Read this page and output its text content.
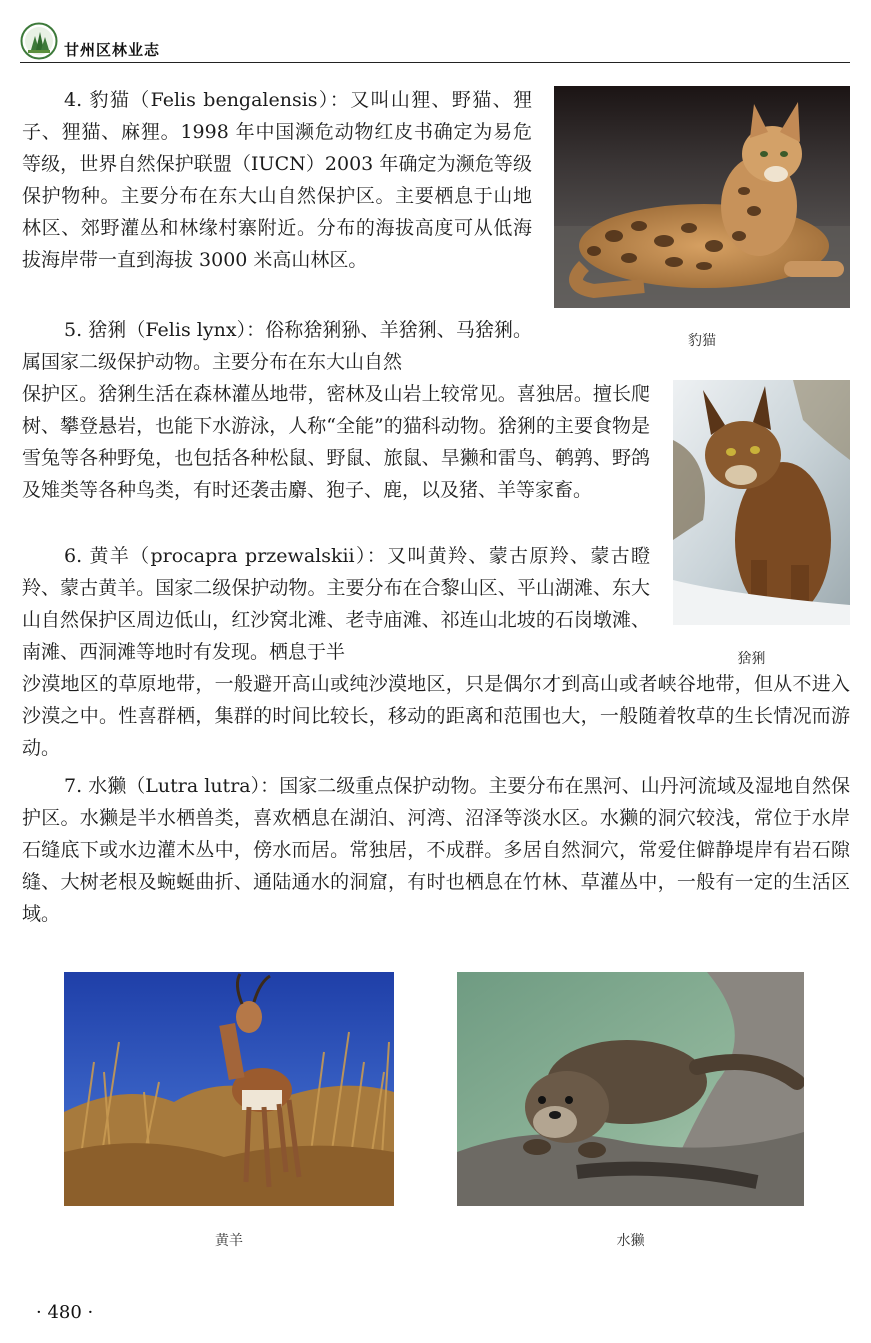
甘州区林业志

4. 豹猫（Felis bengalensis）：又叫山狸、野猫、狸子、狸猫、麻狸。1998 年中国濒危动物红皮书确定为易危等级，世界自然保护联盟（IUCN）2003 年确定为濒危等级保护物种。主要分布在东大山自然保护区。主要栖息于山地林区、郊野灌丛和林缘村寨附近。分布的海拔高度可从低海拔海岸带一直到海拔 3000 米高山林区。

豹猫

5. 猞猁（Felis lynx）：俗称猞猁狲、羊猞猁、马猞猁。属国家二级保护动物。主要分布在东大山自然

保护区。猞猁生活在森林灌丛地带，密林及山岩上较常见。喜独居。擅长爬树、攀登悬岩，也能下水游泳，人称“全能”的猫科动物。猞猁的主要食物是雪兔等各种野兔，也包括各种松鼠、野鼠、旅鼠、旱獭和雷鸟、鹌鹑、野鸽及雉类等各种鸟类，有时还袭击麝、狍子、鹿，以及猪、羊等家畜。

猞猁

6. 黄羊（procapra przewalskii）：又叫黄羚、蒙古原羚、蒙古瞪羚、蒙古黄羊。国家二级保护动物。主要分布在合黎山区、平山湖滩、东大山自然保护区周边低山，红沙窝北滩、老寺庙滩、祁连山北坡的石岗墩滩、南滩、西洞滩等地时有发现。栖息于半

沙漠地区的草原地带，一般避开高山或纯沙漠地区，只是偶尔才到高山或者峡谷地带，但从不进入沙漠之中。性喜群栖，集群的时间比较长，移动的距离和范围也大，一般随着牧草的生长情况而游动。

7. 水獭（Lutra lutra）：国家二级重点保护动物。主要分布在黑河、山丹河流域及湿地自然保护区。水獭是半水栖兽类，喜欢栖息在湖泊、河湾、沼泽等淡水区。水獭的洞穴较浅，常位于水岸石缝底下或水边灌木丛中，傍水而居。常独居，不成群。多居自然洞穴，常爱住僻静堤岸有岩石隙缝、大树老根及蜿蜒曲折、通陆通水的洞窟，有时也栖息在竹林、草灌丛中，一般有一定的生活区域。

黄羊	水獭
· 480 ·
